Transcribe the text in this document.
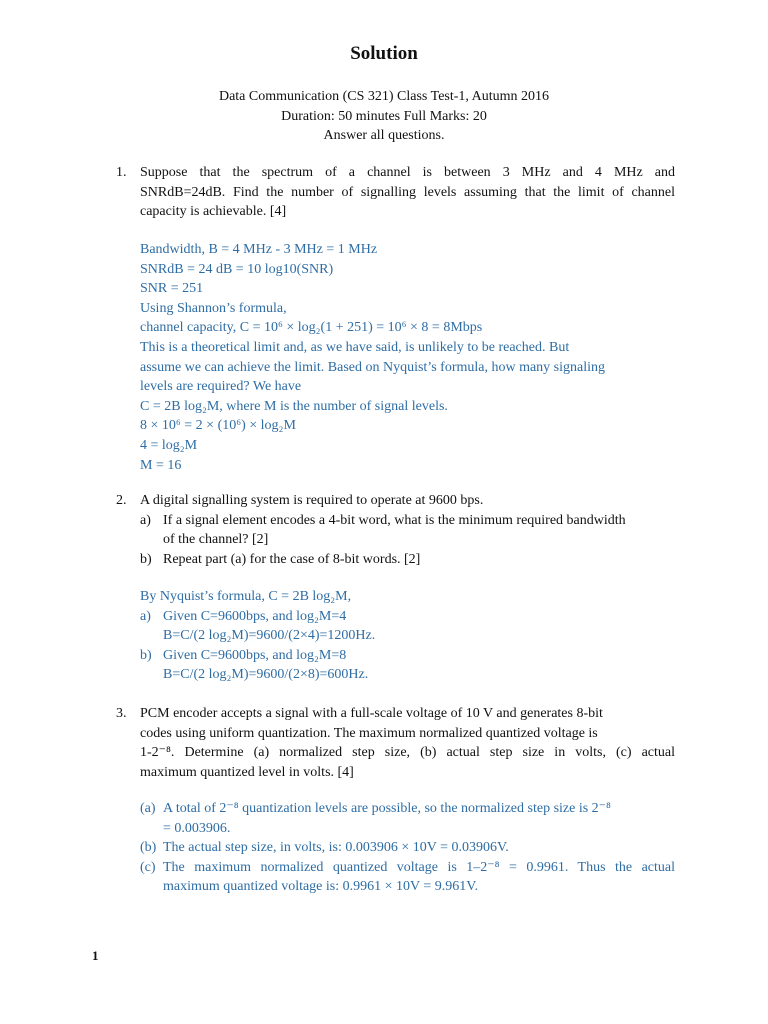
Solution
Data Communication (CS 321) Class Test-1, Autumn 2016
Duration: 50 minutes Full Marks: 20
Answer all questions.
1. Suppose that the spectrum of a channel is between 3 MHz and 4 MHz and
SNRdB=24dB. Find the number of signalling levels assuming that the limit of channel
capacity is achievable. [4]
Bandwidth, B = 4 MHz - 3 MHz = 1 MHz
SNRdB = 24 dB = 10 log10(SNR)
SNR = 251
Using Shannon’s formula,
channel capacity, C = 10⁶ × log₂(1 + 251) = 10⁶ × 8 = 8Mbps
This is a theoretical limit and, as we have said, is unlikely to be reached. But
assume we can achieve the limit. Based on Nyquist’s formula, how many signaling
levels are required? We have
C = 2B log₂M, where M is the number of signal levels.
8 × 10⁶ = 2 × (10⁶) × log₂M
4 = log₂M
M = 16
2. A digital signalling system is required to operate at 9600 bps.
a) If a signal element encodes a 4-bit word, what is the minimum required bandwidth
of the channel? [2]
b) Repeat part (a) for the case of 8-bit words. [2]
By Nyquist’s formula, C = 2B log₂M,
a) Given C=9600bps, and log₂M=4
B=C/(2 log₂M)=9600/(2×4)=1200Hz.
b) Given C=9600bps, and log₂M=8
B=C/(2 log₂M)=9600/(2×8)=600Hz.
3. PCM encoder accepts a signal with a full-scale voltage of 10 V and generates 8-bit
codes using uniform quantization. The maximum normalized quantized voltage is
1-2⁻⁸. Determine (a) normalized step size, (b) actual step size in volts, (c) actual
maximum quantized level in volts. [4]
(a) A total of 2⁻⁸ quantization levels are possible, so the normalized step size is 2⁻⁸
= 0.003906.
(b) The actual step size, in volts, is: 0.003906 × 10V = 0.03906V.
(c) The maximum normalized quantized voltage is 1–2⁻⁸ = 0.9961. Thus the actual
maximum quantized voltage is: 0.9961 × 10V = 9.961V.
1
